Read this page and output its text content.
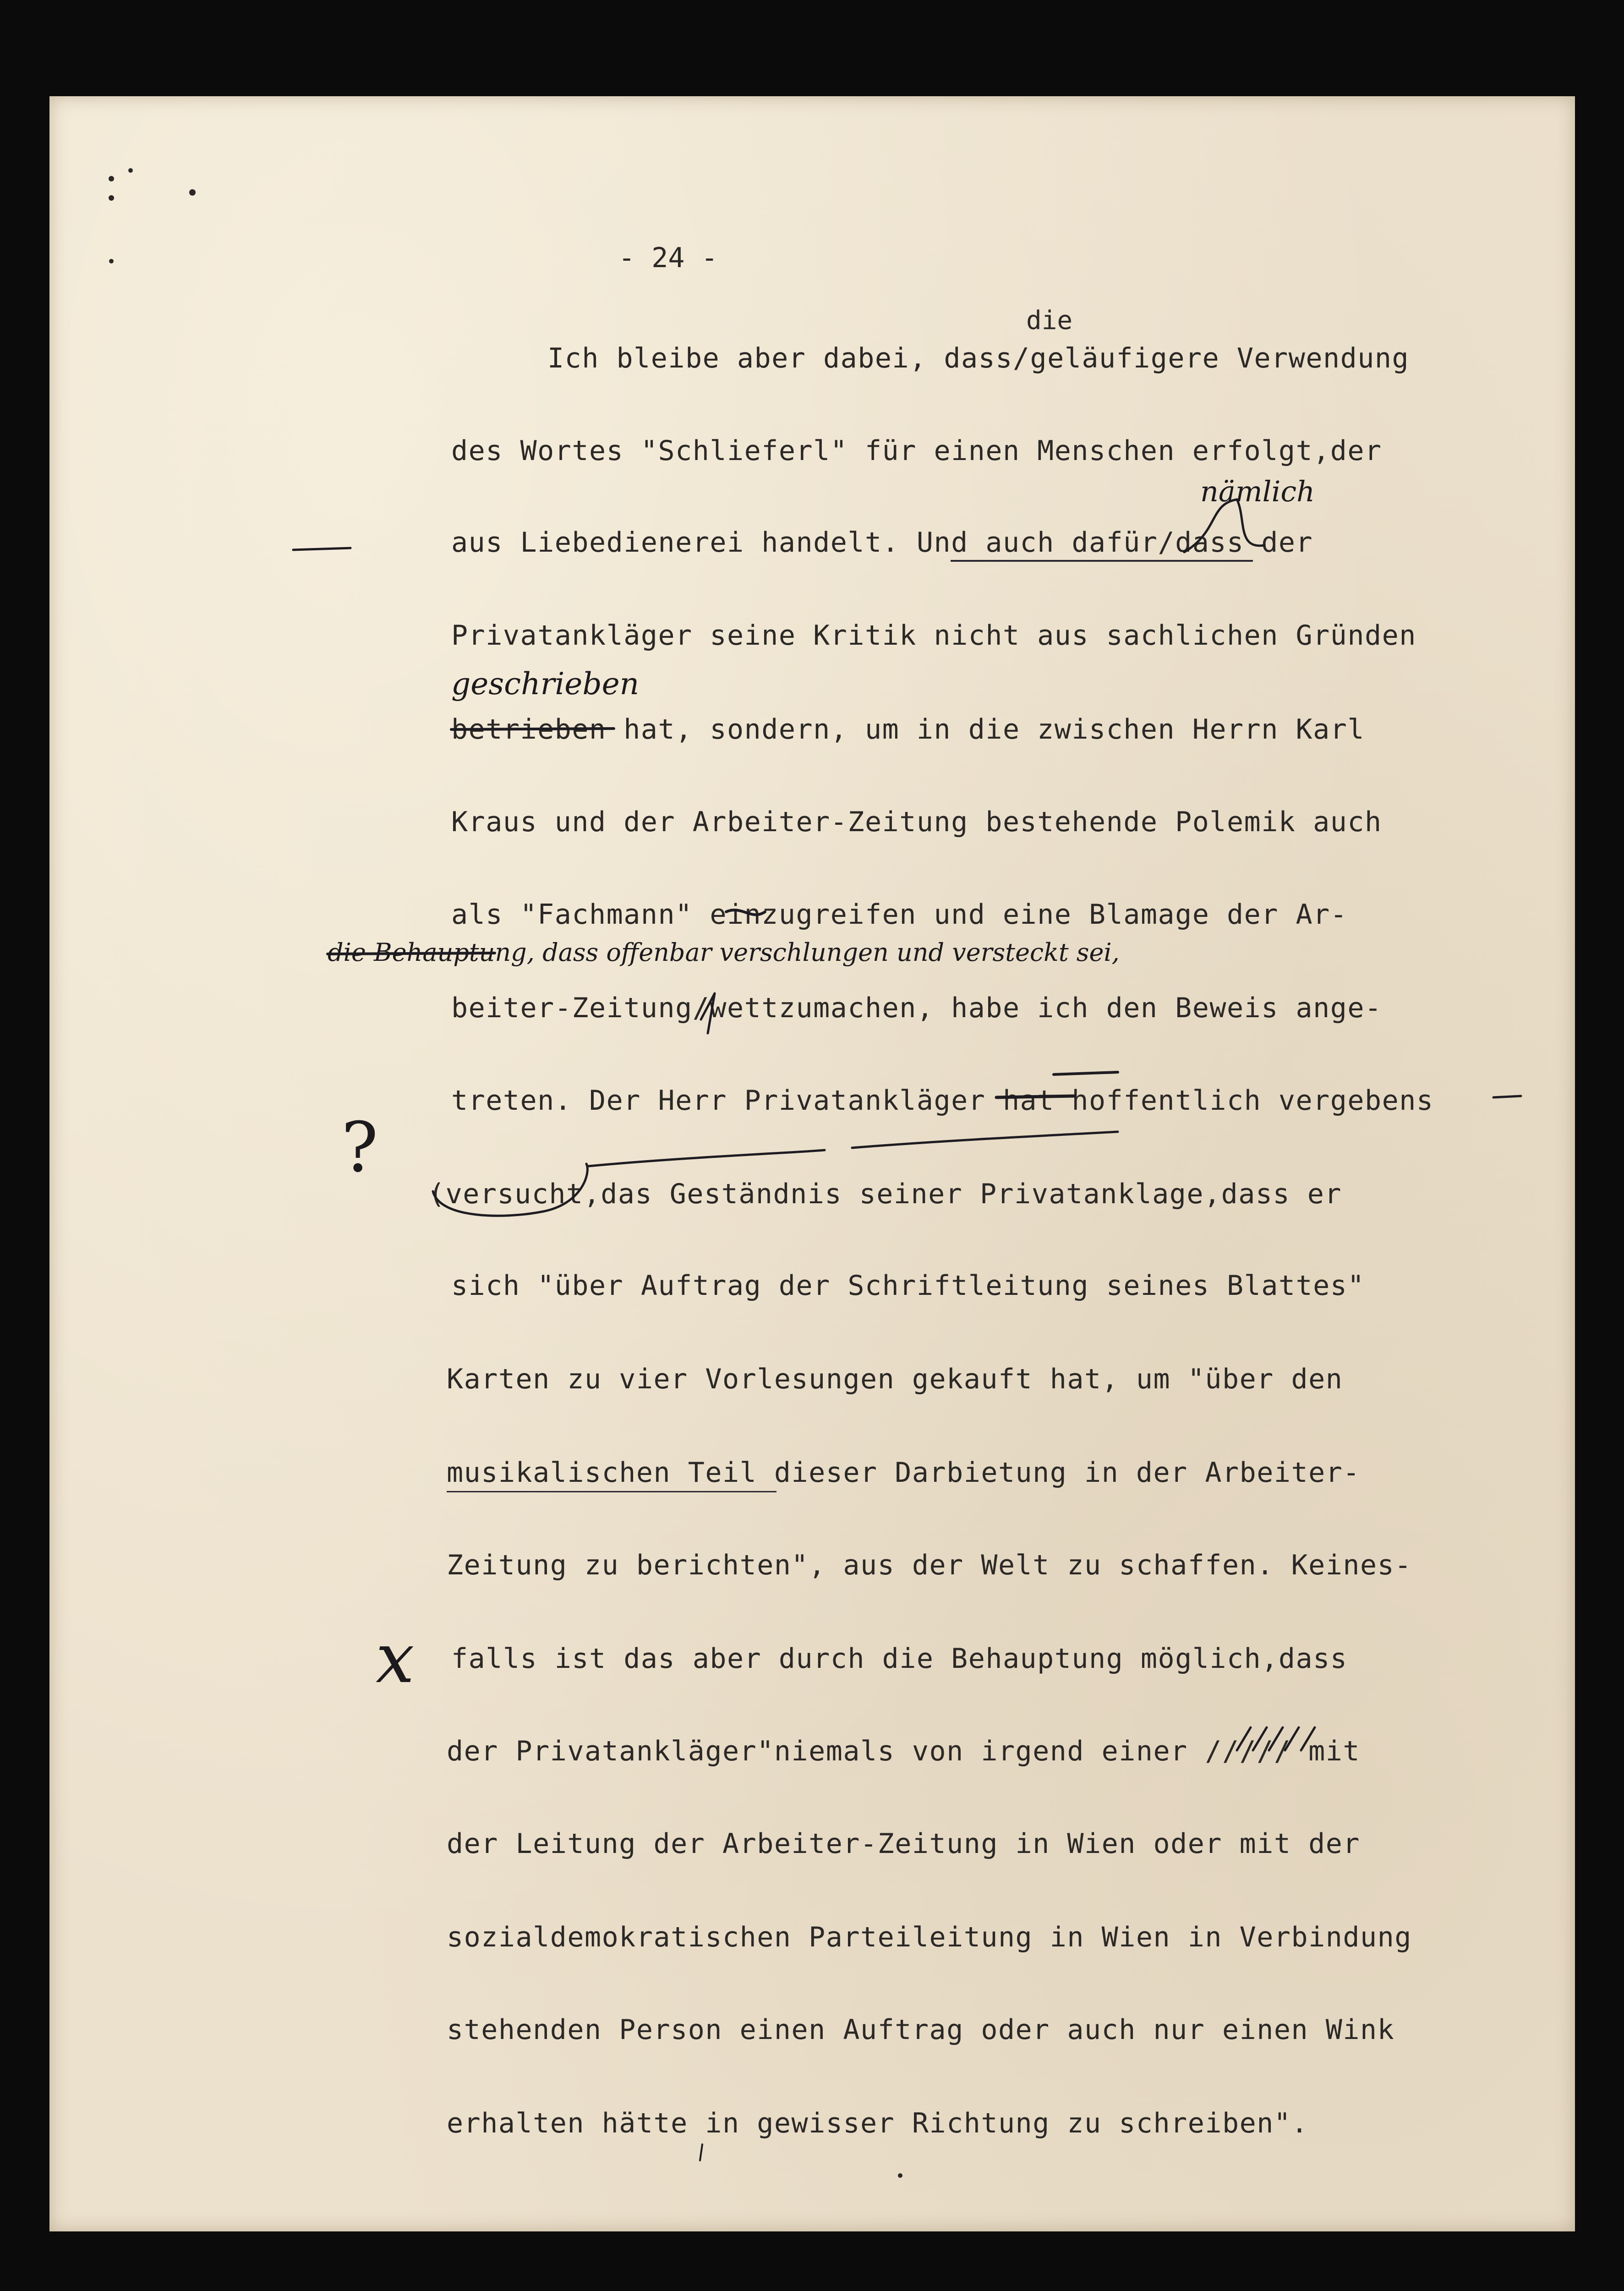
- 24 -
Ich bleibe aber dabei, dass/geläufigere Verwendung
des Wortes "Schlieferl" für einen Menschen erfolgt,der
aus Liebedienerei handelt. Und auch dafür/dass der
Privatankläger seine Kritik nicht aus sachlichen Gründen
betrieben hat, sondern, um in die zwischen Herrn Karl
Kraus und der Arbeiter-Zeitung bestehende Polemik auch
als "Fachmann" einzugreifen und eine Blamage der Ar-
beiter-Zeitung/wettzumachen, habe ich den Beweis ange-
treten. Der Herr Privatankläger hat hoffentlich vergebens
(versucht,das Geständnis seiner Privatanklage,dass er
sich "über Auftrag der Schriftleitung seines Blattes"
Karten zu vier Vorlesungen gekauft hat, um "über den
musikalischen Teil dieser Darbietung in der Arbeiter-
Zeitung zu berichten", aus der Welt zu schaffen. Keines-
falls ist das aber durch die Behauptung möglich,dass
der Privatankläger"niemals von irgend einer ///// mit
der Leitung der Arbeiter-Zeitung in Wien oder mit der
sozialdemokratischen Parteileitung in Wien in Verbindung
stehenden Person einen Auftrag oder auch nur einen Wink
erhalten hätte in gewisser Richtung zu schreiben".
die
nämlich
geschrieben
die Behauptung, dass offenbar verschlungen und versteckt sei,
?
x
